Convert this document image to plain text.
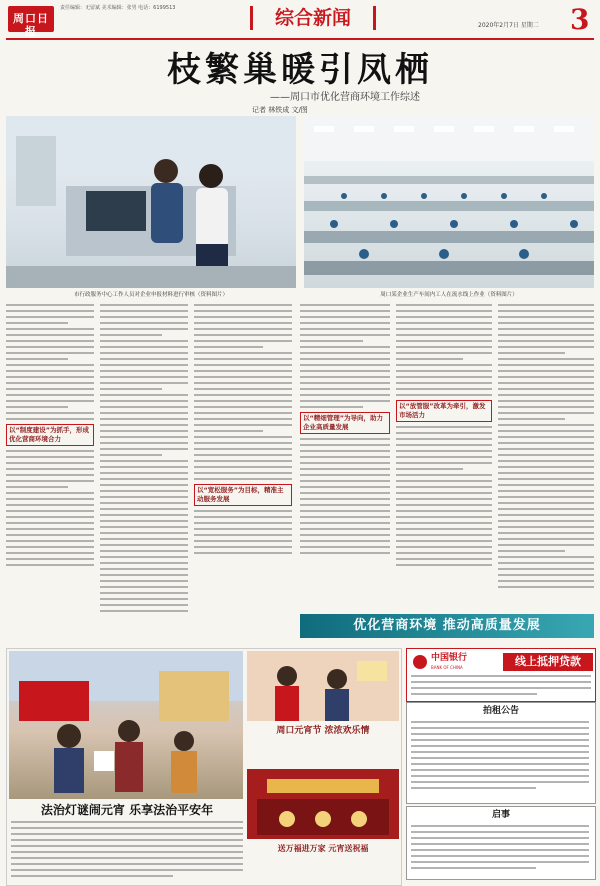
周口日报
责任编辑：无留斌 美术编辑：张男 电话：6199513	综合新闻	2020年2月7日 星期二 3
枝繁巢暖引凤栖
——周口市优化营商环境工作综述
记者 林铁成 文/图
市行政服务中心工作人员对企业申报材料进行审核（资料图片）	周口某企业生产车间内工人在流水线上作业（资料图片）
以“制度建设”为抓手，形成优化营商环境合力
以“宽松服务”为目标，精准主动服务发展
以“精细管理”为导向，助力企业高质量发展
以“放管服”改革为牵引，激发市场活力
优化营商环境 推动高质量发展
周口元宵节 浓浓欢乐情
送万福进万家 元宵送祝福
法治灯谜闹元宵 乐享法治平安年
中国银行
BANK OF CHINA	线上抵押贷款
拍租公告
启事
